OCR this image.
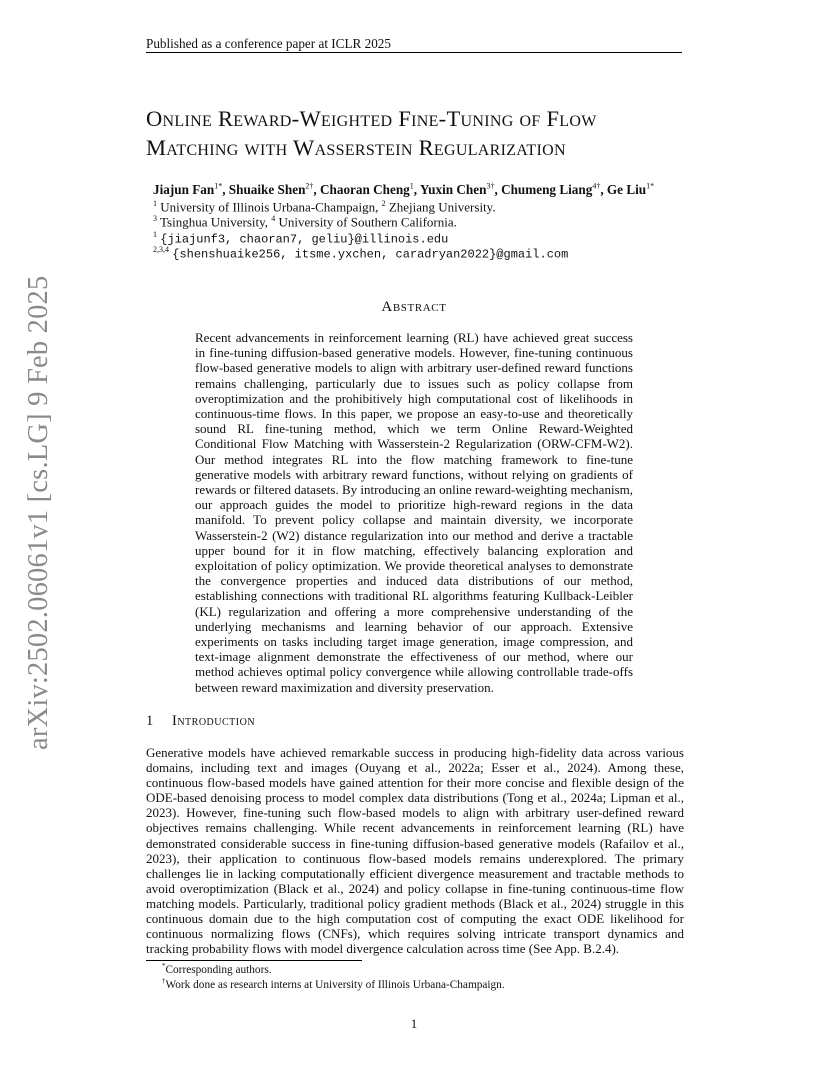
Published as a conference paper at ICLR 2025
arXiv:2502.06061v1 [cs.LG] 9 Feb 2025
Online Reward-Weighted Fine-Tuning of Flow
Matching with Wasserstein Regularization
Jiajun Fan$^{1*}$, Shuaike Shen$^{2\dagger}$, Chaoran Cheng$^1$, Yuxin Chen$^{3\dagger}$, Chumeng Liang$^{4\dagger}$, Ge Liu$^{1*}$
$^1$ University of Illinois Urbana-Champaign, $^2$ Zhejiang University.
$^3$ Tsinghua University, $^4$ University of Southern California.
$^1$ {jiajunf3, chaoran7, geliu}@illinois.edu
$^{2,3,4}$ {shenshuaike256, itsme.yxchen, caradryan2022}@gmail.com
Abstract
Recent advancements in reinforcement learning (RL) have achieved great success in fine-tuning diffusion-based generative models. However, fine-tuning continuous flow-based generative models to align with arbitrary user-defined reward functions remains challenging, particularly due to issues such as policy collapse from overoptimization and the prohibitively high computational cost of likelihoods in continuous-time flows. In this paper, we propose an easy-to-use and theoretically sound RL fine-tuning method, which we term Online Reward-Weighted Conditional Flow Matching with Wasserstein-2 Regularization (ORW-CFM-W2). Our method integrates RL into the flow matching framework to fine-tune generative models with arbitrary reward functions, without relying on gradients of rewards or filtered datasets. By introducing an online reward-weighting mechanism, our approach guides the model to prioritize high-reward regions in the data manifold. To prevent policy collapse and maintain diversity, we incorporate Wasserstein-2 (W2) distance regularization into our method and derive a tractable upper bound for it in flow matching, effectively balancing exploration and exploitation of policy optimization. We provide theoretical analyses to demonstrate the convergence properties and induced data distributions of our method, establishing connections with traditional RL algorithms featuring Kullback-Leibler (KL) regularization and offering a more comprehensive understanding of the underlying mechanisms and learning behavior of our approach. Extensive experiments on tasks including target image generation, image compression, and text-image alignment demonstrate the effectiveness of our method, where our method achieves optimal policy convergence while allowing controllable trade-offs between reward maximization and diversity preservation.
1 Introduction
Generative models have achieved remarkable success in producing high-fidelity data across various domains, including text and images (Ouyang et al., 2022a; Esser et al., 2024). Among these, continuous flow-based models have gained attention for their more concise and flexible design of the ODE-based denoising process to model complex data distributions (Tong et al., 2024a; Lipman et al., 2023). However, fine-tuning such flow-based models to align with arbitrary user-defined reward objectives remains challenging. While recent advancements in reinforcement learning (RL) have demonstrated considerable success in fine-tuning diffusion-based generative models (Rafailov et al., 2023), their application to continuous flow-based models remains underexplored. The primary challenges lie in lacking computationally efficient divergence measurement and tractable methods to avoid overoptimization (Black et al., 2024) and policy collapse in fine-tuning continuous-time flow matching models. Particularly, traditional policy gradient methods (Black et al., 2024) struggle in this continuous domain due to the high computation cost of computing the exact ODE likelihood for continuous normalizing flows (CNFs), which requires solving intricate transport dynamics and tracking probability flows with model divergence calculation across time (See App. B.2.4).
*Corresponding authors.
†Work done as research interns at University of Illinois Urbana-Champaign.
1
